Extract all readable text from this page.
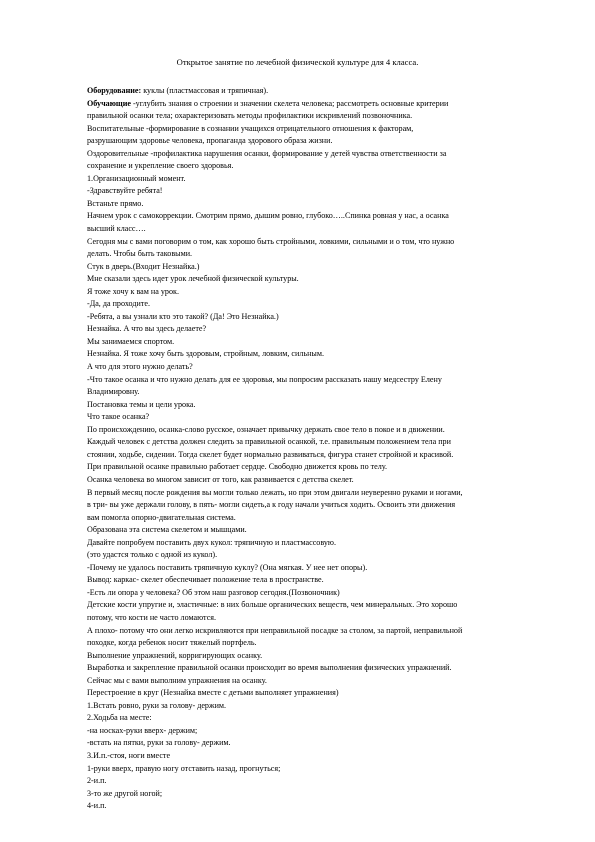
Открытое занятие по лечебной физической культуре для 4 класса.
Оборудование: куклы (пластмассовая и тряпичная).
Обучающие -углубить знания о строении и значении скелета человека; рассмотреть основные критерии
правильной осанки тела; охарактеризовать методы профилактики искривлений позвоночника.
Воспитательные -формирование в сознании учащихся отрицательного отношения к факторам,
разрушающим здоровье человека, пропаганда здорового образа жизни.
Оздоровительные -профилактика нарушения осанки, формирование у детей чувства ответственности за
сохранение и укрепление своего здоровья.
1.Организационный момент.
-Здравствуйте ребята!
Встаньте прямо.
Начнем урок с самокоррекции. Смотрим прямо, дышим ровно, глубоко…..Спинка ровная у нас, а осанка
высший класс….
Сегодня мы с вами поговорим о том, как хорошо быть стройными, ловкими, сильными и о том, что нужно
делать. Чтобы быть таковыми.
Стук в дверь.(Входит Незнайка.)
Мне сказали здесь идет урок лечебной физической культуры.
Я тоже хочу к вам на урок.
-Да, да проходите.
-Ребята, а вы узнали кто это такой? (Да! Это Незнайка.)
Незнайка. А что вы здесь делаете?
Мы занимаемся спортом.
Незнайка. Я тоже хочу быть здоровым, стройным, ловким, сильным.
А что для этого нужно делать?
-Что такое осанка и что нужно делать для ее здоровья, мы попросим рассказать нашу медсестру Елену
Владимировну.
Постановка темы и цели урока.
Что такое осанка?
По происхождению, осанка-слово русское, означает привычку держать свое тело в покое и в движении.
Каждый человек с детства должен следить за правильной осанкой, т.е. правильным положением тела при
стоянии, ходьбе, сидении. Тогда скелет будет нормально развиваться, фигура станет стройной и красивой.
При правильной осанке правильно работает сердце. Свободно движется кровь по телу.
Осанка человека во многом зависит от того, как развивается с детства скелет.
В первый месяц после рождения вы могли только лежать, но при этом двигали неуверенно руками и ногами,
в три- вы уже держали голову, в пять- могли сидеть,а к году начали учиться ходить. Освоить эти движения
вам помогла опорно-двигательная система.
Образована эта система скелетом и мышцами.
Давайте попробуем поставить двух кукол: тряпичную и пластмассовую.
(это удастся только с одной из кукол).
-Почему не удалось поставить тряпичную куклу? (Она мягкая. У нее нет опоры).
Вывод: каркас- скелет обеспечивает положение тела в пространстве.
-Есть ли опора у человека? Об этом наш разговор сегодня.(Позвоночник)
Детские кости упругие и, эластичные: в них больше органических веществ, чем минеральных. Это хорошо
потому, что кости не часто ломаются.
А плохо- потому что они легко искривляются при неправильной посадке за столом, за партой, неправильной
походке, когда ребенок носит тяжелый портфель.
Выполнение упражнений, корригирующих осанку.
Выработка и закрепление правильной осанки происходит во время выполнения физических упражнений.
Сейчас мы с вами выполним упражнения на осанку.
Перестроение в круг (Незнайка вместе с детьми выполняет упражнения)
1.Встать ровно, руки за голову- держим.
2.Ходьба на месте:
-на носках-руки вверх- держим;
-встать на пятки, руки за голову- держим.
3.И.п.-стоя, ноги вместе
1-руки вверх, правую ногу отставить назад, прогнуться;
2-и.п.
3-то же другой ногой;
4-и.п.
